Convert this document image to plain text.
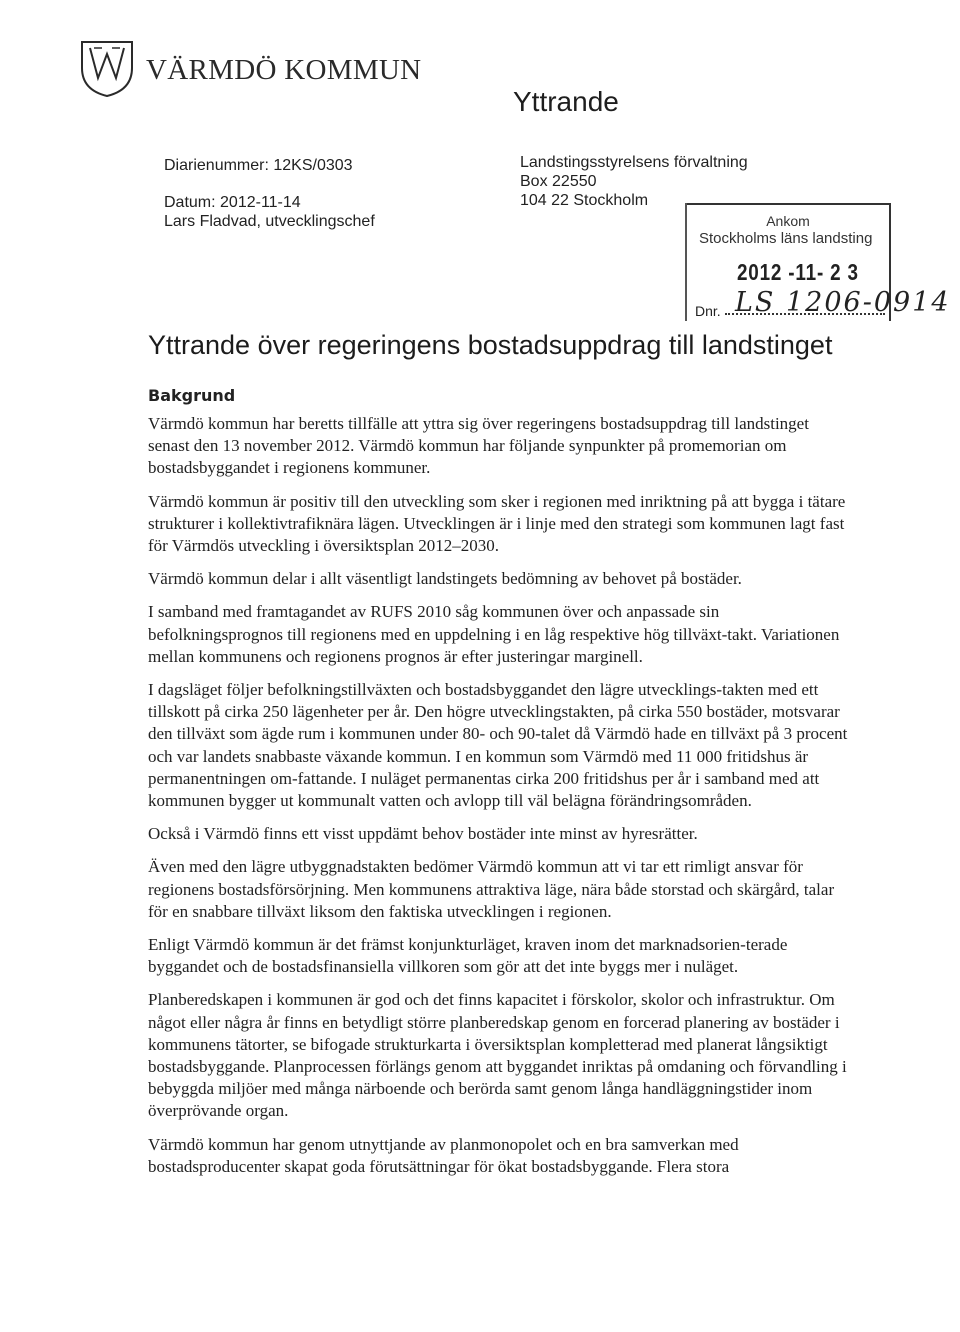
VÄRMDÖ KOMMUN
Yttrande
Diarienummer: 12KS/0303
Datum: 2012-11-14
Lars Fladvad, utvecklingschef
Landstingsstyrelsens förvaltning
Box 22550
104 22 Stockholm
Ankom
Stockholms läns landsting
2012 -11- 2 3
Dnr. LS 1206-0914
Yttrande över regeringens bostadsuppdrag till landstinget
Bakgrund

Värmdö kommun har beretts tillfälle att yttra sig över regeringens bostadsuppdrag till landstinget senast den 13 november 2012. Värmdö kommun har följande synpunkter på promemorian om bostadsbyggandet i regionens kommuner.

Värmdö kommun är positiv till den utveckling som sker i regionen med inriktning på att bygga i tätare strukturer i kollektivtrafiknära lägen. Utvecklingen är i linje med den strategi som kommunen lagt fast för Värmdös utveckling i översiktsplan 2012–2030.

Värmdö kommun delar i allt väsentligt landstingets bedömning av behovet på bostäder.

I samband med framtagandet av RUFS 2010 såg kommunen över och anpassade sin befolkningsprognos till regionens med en uppdelning i en låg respektive hög tillväxt-takt. Variationen mellan kommunens och regionens prognos är efter justeringar marginell.

I dagsläget följer befolkningstillväxten och bostadsbyggandet den lägre utvecklings-takten med ett tillskott på cirka 250 lägenheter per år. Den högre utvecklingstakten, på cirka 550 bostäder, motsvarar den tillväxt som ägde rum i kommunen under 80- och 90-talet då Värmdö hade en tillväxt på 3 procent och var landets snabbaste växande kommun. I en kommun som Värmdö med 11 000 fritidshus är permanentningen om-fattande. I nuläget permanentas cirka 200 fritidshus per år i samband med att kommunen bygger ut kommunalt vatten och avlopp till väl belägna förändringsområden.

Också i Värmdö finns ett visst uppdämt behov bostäder inte minst av hyresrätter.

Även med den lägre utbyggnadstakten bedömer Värmdö kommun att vi tar ett rimligt ansvar för regionens bostadsförsörjning. Men kommunens attraktiva läge, nära både storstad och skärgård, talar för en snabbare tillväxt liksom den faktiska utvecklingen i regionen.

Enligt Värmdö kommun är det främst konjunkturläget, kraven inom det marknadsorien-terade byggandet och de bostadsfinansiella villkoren som gör att det inte byggs mer i nuläget.

Planberedskapen i kommunen är god och det finns kapacitet i förskolor, skolor och infrastruktur. Om något eller några år finns en betydligt större planberedskap genom en forcerad planering av bostäder i kommunens tätorter, se bifogade strukturkarta i översiktsplan kompletterad med planerat långsiktigt bostadsbyggande. Planprocessen förlängs genom att byggandet inriktas på omdaning och förvandling i bebyggda miljöer med många närboende och berörda samt genom långa handläggningstider inom överprövande organ.

Värmdö kommun har genom utnyttjande av planmonopolet och en bra samverkan med bostadsproducenter skapat goda förutsättningar för ökat bostadsbyggande. Flera stora
